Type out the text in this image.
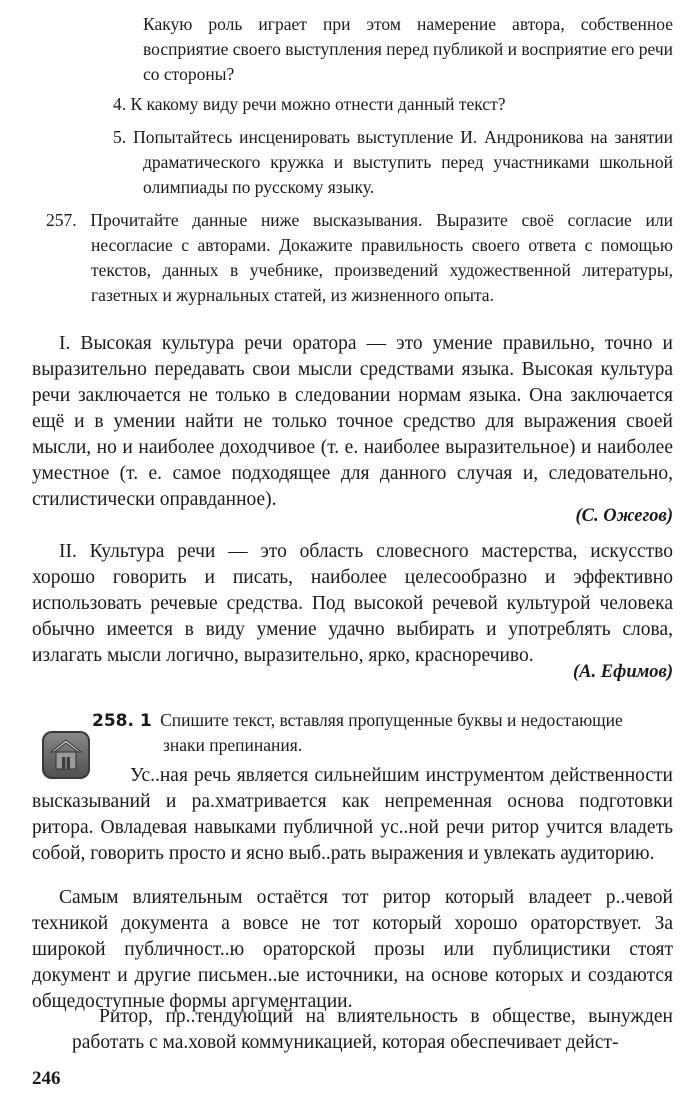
Какую роль играет при этом намерение автора, собственное восприятие своего выступления перед публикой и восприятие его речи со стороны?
4. К какому виду речи можно отнести данный текст?
5. Попытайтесь инсценировать выступление И. Андроникова на занятии драматического кружка и выступить перед участниками школьной олимпиады по русскому языку.
257. Прочитайте данные ниже высказывания. Выразите своё согласие или несогласие с авторами. Докажите правильность своего ответа с помощью текстов, данных в учебнике, произведений художественной литературы, газетных и журнальных статей, из жизненного опыта.

I. Высокая культура речи оратора — это умение правильно, точно и выразительно передавать свои мысли средствами языка. Высокая культура речи заключается не только в следовании нормам языка. Она заключается ещё и в умении найти не только точное средство для выражения своей мысли, но и наиболее доходчивое (т. е. наиболее выразительное) и наиболее уместное (т. е. самое подходящее для данного случая и, следовательно, стилистически оправданное).

(С. Ожегов)

II. Культура речи — это область словесного мастерства, искусство хорошо говорить и писать, наиболее целесообразно и эффективно использовать речевые средства. Под высокой речевой культурой человека обычно имеется в виду умение удачно выбирать и употреблять слова, излагать мысли логично, выразительно, ярко, красноречиво.

(А. Ефимов)
258. 1 Спишите текст, вставляя пропущенные буквы и недостающие
знаки препинания.

Ус..ная речь является сильнейшим инструментом действенности высказываний и ра.хматривается как непременная основа подготовки ритора. Овладевая навыками публичной ус..ной речи ритор учится владеть собой, говорить просто и ясно выб..рать выражения и увлекать аудиторию.

Самым влиятельным остаётся тот ритор который владеет р..чевой техникой документа а вовсе не тот который хорошо ораторствует. За широкой публичност..ю ораторской прозы или публицистики стоят документ и другие письмен..ые источники, на основе которых и создаются общедоступные формы аргументации.

Ритор, пр..тендующий на влиятельность в обществе, вынужден работать с ма.ховой коммуникацией, которая обеспечивает дейст-

246
